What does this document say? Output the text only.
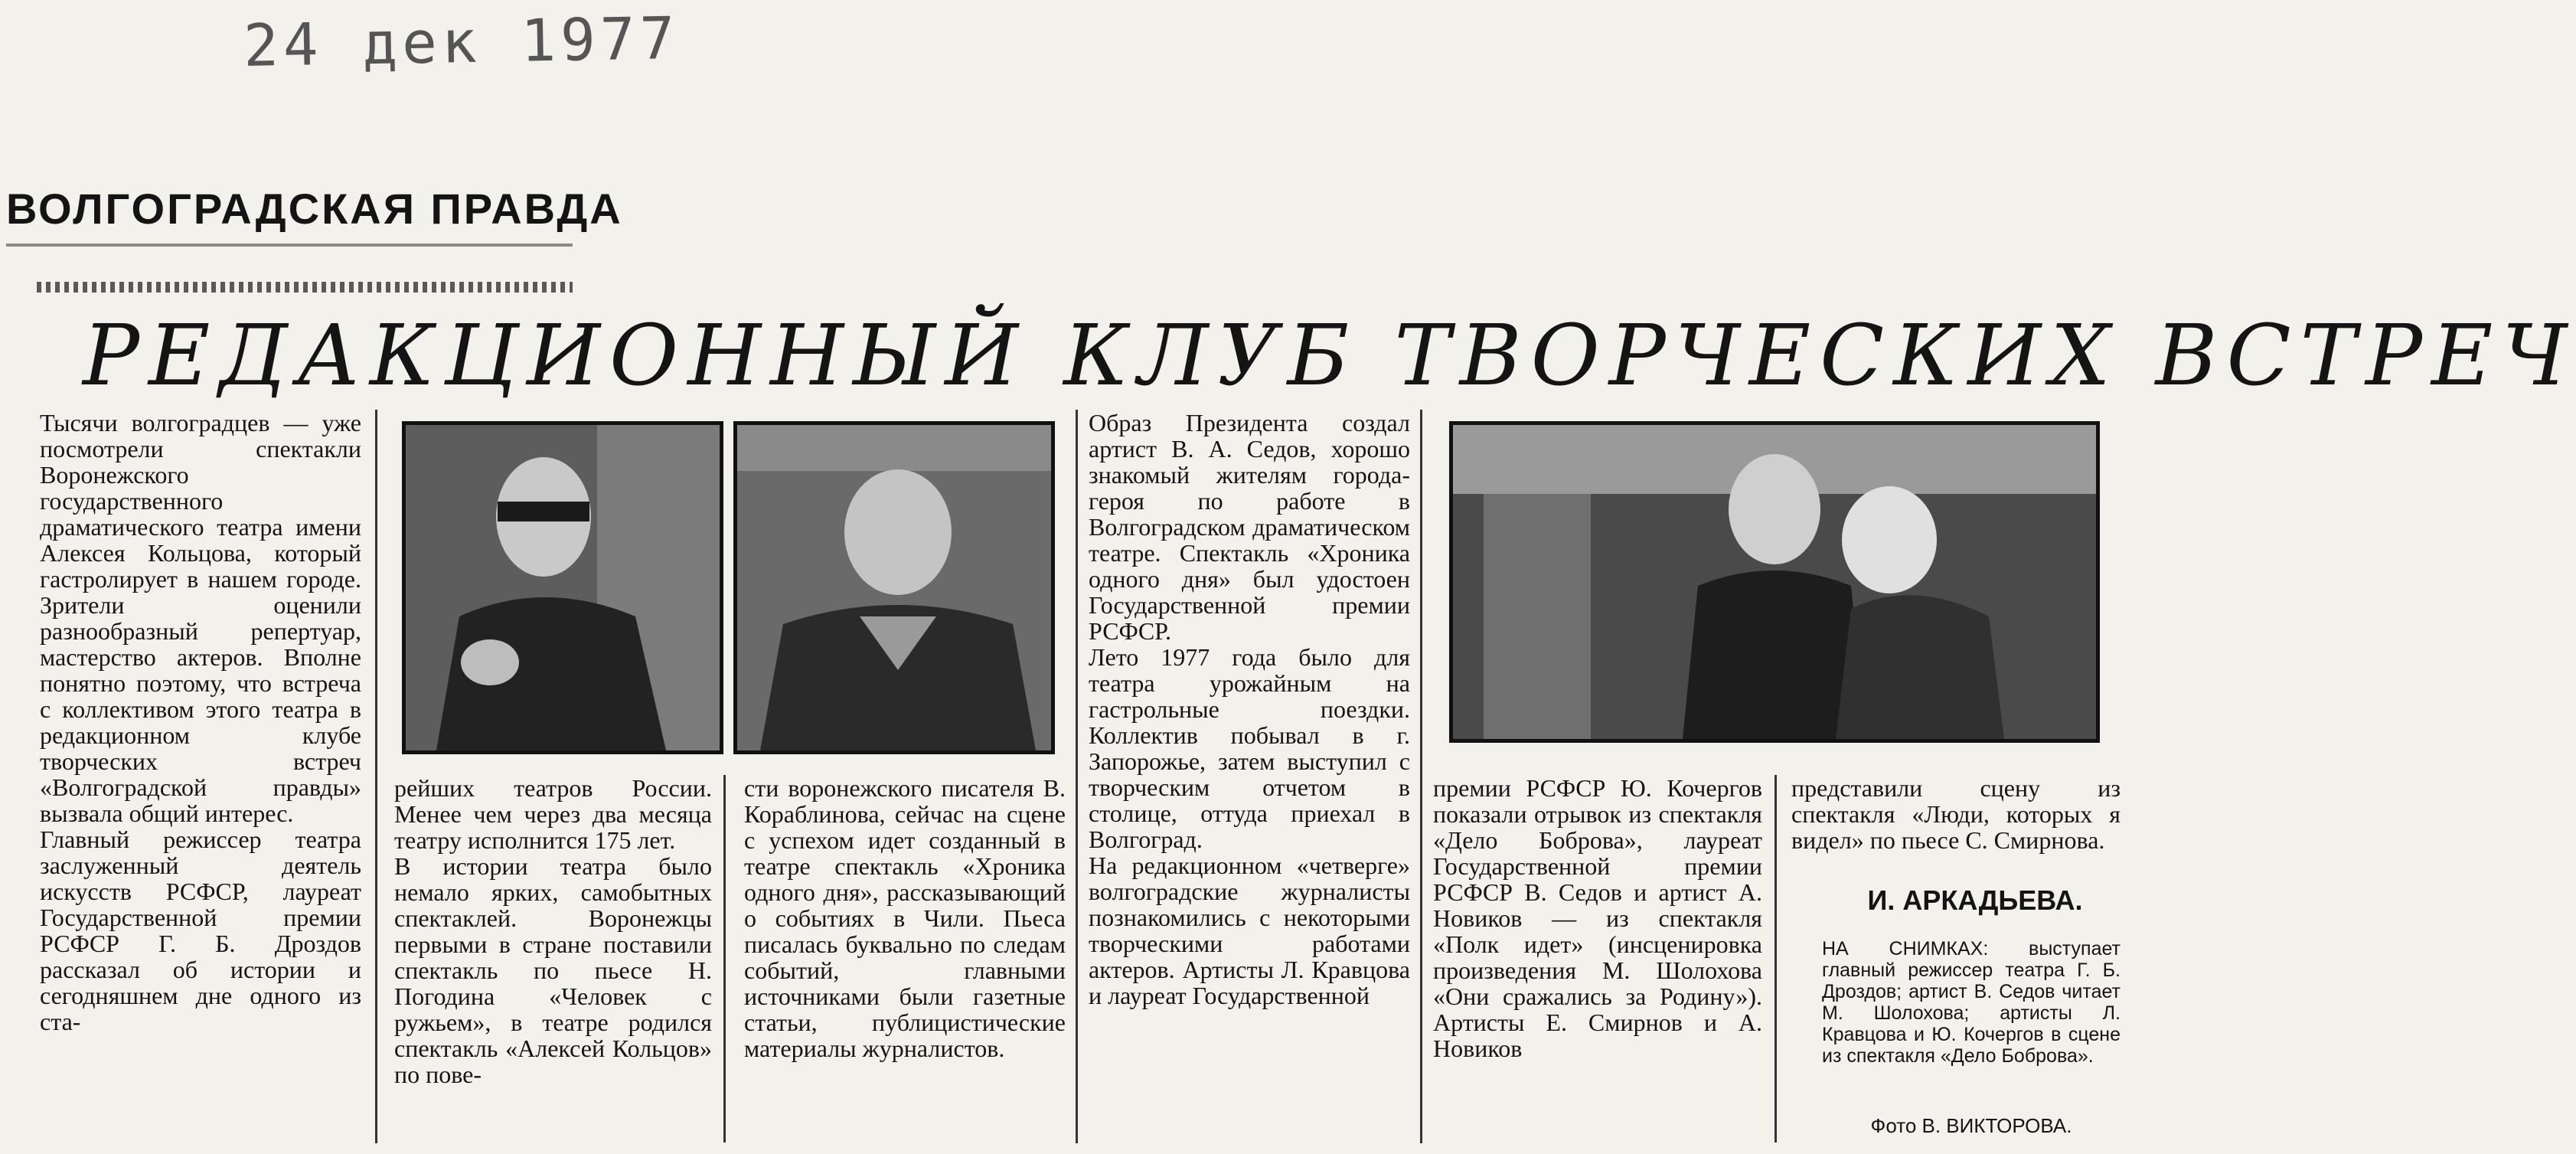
24 дек 1977
ВОЛГОГРАДСКАЯ ПРАВДА
РЕДАКЦИОННЫЙ КЛУБ ТВОРЧЕСКИХ ВСТРЕЧ
Тысячи волгоградцев — уже посмотрели спектакли Воронежского государственного драматического театра имени Алексея Кольцова, который гастролирует в нашем городе. Зрители оценили разнообразный репертуар, мастерство актеров. Вполне понятно поэтому, что встреча с коллективом этого театра в редакционном клубе творческих встреч «Волгоградской правды» вызвала общий интерес.
Главный режиссер театра заслуженный деятель искусств РСФСР, лауреат Государственной премии РСФСР Г. Б. Дроздов рассказал об истории и сегодняшнем дне одного из ста-
рейших театров России. Менее чем через два месяца театру исполнится 175 лет.
В истории театра было немало ярких, самобытных спектаклей. Воронежцы первыми в стране поставили спектакль по пьесе Н. Погодина «Человек с ружьем», в театре родился спектакль «Алексей Кольцов» по пове-
сти воронежского писателя В. Кораблинова, сейчас на сцене с успехом идет созданный в театре спектакль «Хроника одного дня», рассказывающий о событиях в Чили. Пьеса писалась буквально по следам событий, главными источниками были газетные статьи, публицистические материалы журналистов.
Образ Президента создал артист В. А. Седов, хорошо знакомый жителям города-героя по работе в Волгоградском драматическом театре. Спектакль «Хроника одного дня» был удостоен Государственной премии РСФСР.
Лето 1977 года было для театра урожайным на гастрольные поездки. Коллектив побывал в г. Запорожье, затем выступил с творческим отчетом в столице, оттуда приехал в Волгоград.
На редакционном «четверге» волгоградские журналисты познакомились с некоторыми творческими работами актеров. Артисты Л. Кравцова и лауреат Государственной
премии РСФСР Ю. Кочергов показали отрывок из спектакля «Дело Боброва», лауреат Государственной премии РСФСР В. Седов и артист А. Новиков — из спектакля «Полк идет» (инсценировка произведения М. Шолохова «Они сражались за Родину»). Артисты Е. Смирнов и А. Новиков
представили сцену из спектакля «Люди, которых я видел» по пьесе С. Смирнова.
И. АРКАДЬЕВА.
НА СНИМКАХ: выступает главный режиссер театра Г. Б. Дроздов; артист В. Седов читает М. Шолохова; артисты Л. Кравцова и Ю. Кочергов в сцене из спектакля «Дело Боброва».
Фото В. ВИКТОРОВА.
